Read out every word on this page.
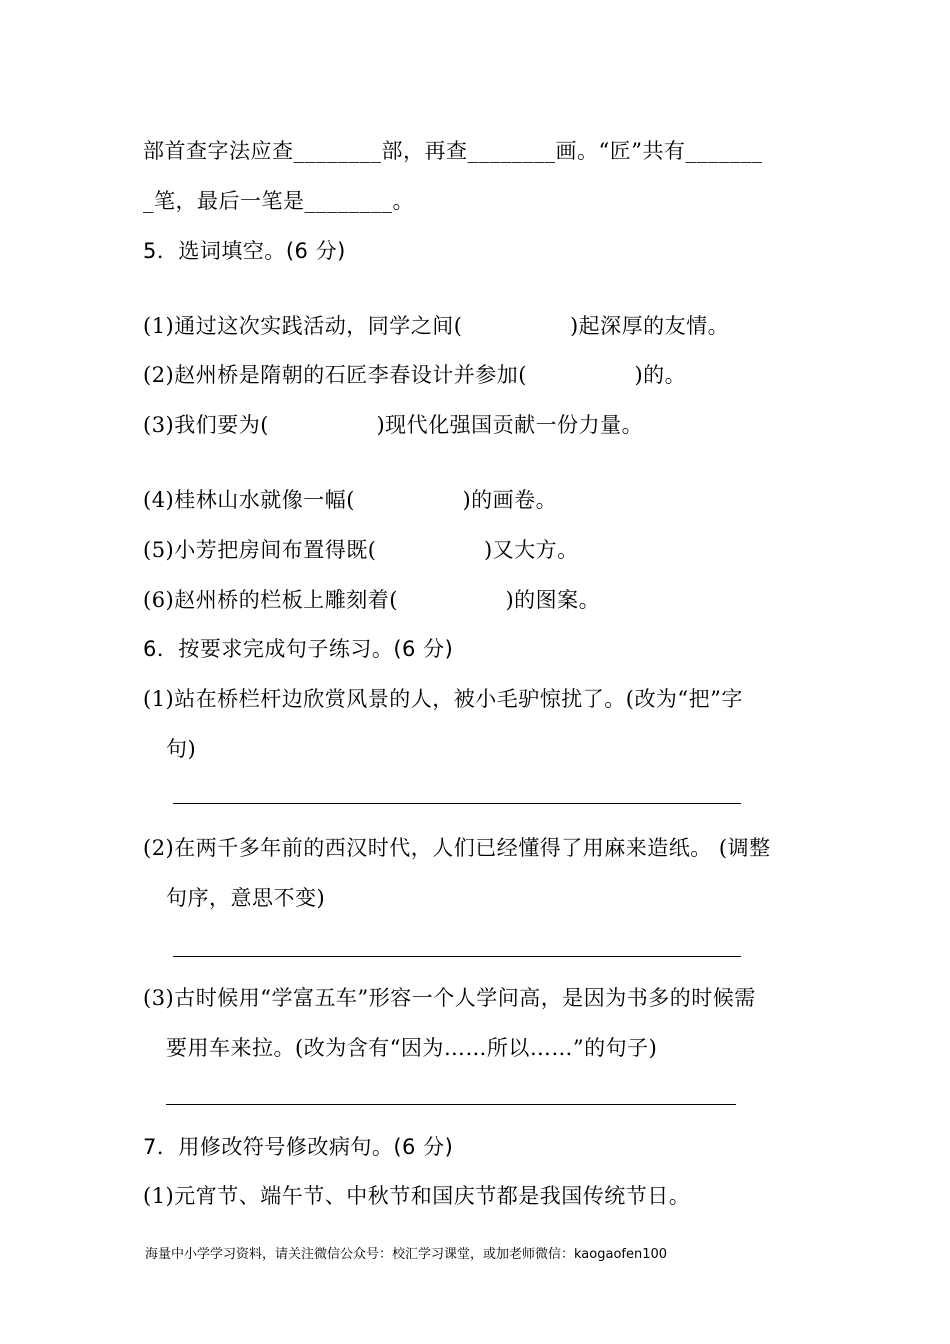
部首查字法应查________部，再查________画。“匠”共有_______
_笔，最后一笔是________。
5．选词填空。(6 分)
(1)通过这次实践活动，同学之间(　　　　　)起深厚的友情。
(2)赵州桥是隋朝的石匠李春设计并参加(　　　　　)的。
(3)我们要为(　　　　　)现代化强国贡献一份力量。
(4)桂林山水就像一幅(　　　　　)的画卷。
(5)小芳把房间布置得既(　　　　　)又大方。
(6)赵州桥的栏板上雕刻着(　　　　　)的图案。
6．按要求完成句子练习。(6 分)
(1)站在桥栏杆边欣赏风景的人，被小毛驴惊扰了。(改为“把”字
句)
(2)在两千多年前的西汉时代，人们已经懂得了用麻来造纸。 (调整
句序，意思不变)
(3)古时候用“学富五车”形容一个人学问高，是因为书多的时候需
要用车来拉。(改为含有“因为……所以……”的句子)
7．用修改符号修改病句。(6 分)
(1)元宵节、端午节、中秋节和国庆节都是我国传统节日。
海量中小学学习资料，请关注微信公众号：校汇学习课堂，或加老师微信：kaogaofen100
